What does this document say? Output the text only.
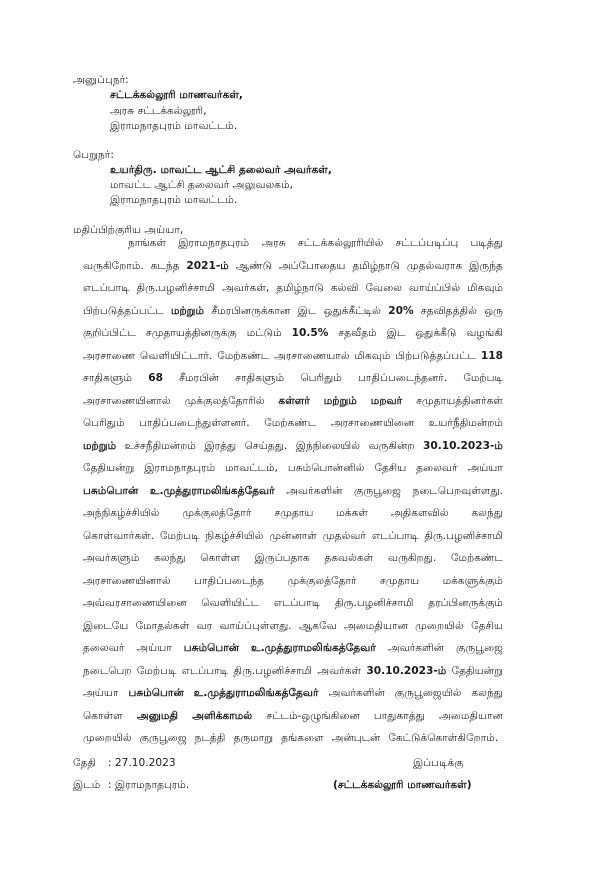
அனுப்புநர்:
சட்டக்கல்லூரி மாணவர்கள்,
அரசு சட்டக்கல்லூரி,
இராமநாதபுரம் மாவட்டம்.
பெறுநர்:
உயர்திரு. மாவட்ட ஆட்சி தலைவர் அவர்கள்,
மாவட்ட ஆட்சி தலைவர் அலுவலகம்,
இராமநாதபுரம் மாவட்டம்.
மதிப்பிற்குரிய அய்யா,
நாங்கள் இராமநாதபுரம் அரசு சட்டக்கல்லூரியில் சட்டப்படிப்பு படித்து
வருகிறோம். கடந்த 2021-ம் ஆண்டு அப்போதைய தமிழ்நாடு முதல்வராக இருந்த
எடப்பாடி திரு.பழனிச்சாமி அவர்கள், தமிழ்நாடு கல்வி வேலை வாய்ப்பில் மிகவும்
பிற்படுத்தப்பட்ட மற்றும் சீமரபினருக்கான இட ஒதுக்கீட்டில் 20% சதவிதத்தில் ஒரு
குறிப்பிட்ட சமுதாயத்தினருக்கு மட்டும் 10.5% சதவீதம் இட ஒதுக்கீடு வழங்கி
அரசாணை வெளியிட்டார். மேற்கண்ட அரசாணையால் மிகவும் பிற்படுத்தப்பட்ட 118
சாதிகளும் 68 சீமரபின் சாதிகளும் பெரிதும் பாதிப்படைந்தனர். மேற்படி
அரசாணையினால் முக்குலத்தோரில் கள்ளர் மற்றும் மறவர் சமுதாயத்தினர்கள்
பெரிதும் பாதிப்படைந்துள்ளனர். மேற்கண்ட அரசாணையினை உயர்நீதிமன்றம்
மற்றும் உச்சநீதிமன்றம் இரத்து செய்தது. இந்நிலையில் வருகின்ற 30.10.2023-ம்
தேதியன்று இராமநாதபுரம் மாவட்டம், பசும்பொன்னில் தேசிய தலைவர் அய்யா
பசும்பொன் உ.முத்துராமலிங்கத்தேவர் அவர்களின் குருபூஜை நடைபெறவுள்ளது.
அந்நிகழ்ச்சியில் முக்குலத்தோர் சமுதாய மக்கள் அதிகளவில் கலந்து
கொள்வார்கள். மேற்படி நிகழ்ச்சியில் முன்னாள் முதல்வர் எடப்பாடி திரு.பழனிச்சாமி
அவர்களும் கலந்து கொள்ள இருப்பதாக தகவல்கள் வருகிறது. மேற்கண்ட
அரசாணையினால் பாதிப்படைந்த முக்குலத்தோர் சமுதாய மக்களுக்கும்
அவ்வரசாணையினை வெளியிட்ட எடப்பாடி திரு.பழனிச்சாமி தரப்பினருக்கும்
இடையே மோதல்கள் வர வாய்ப்புள்ளது. ஆகவே அமைதியான முறையில் தேசிய
தலைவர் அய்யா பசும்பொன் உ.முத்துராமலிங்கத்தேவர் அவர்களின் குருபூஜை
நடைபெற மேற்படி எடப்பாடி திரு.பழனிச்சாமி அவர்கள் 30.10.2023-ம் தேதியன்று
அய்யா பசும்பொன் உ.முத்துராமலிங்கத்தேவர் அவர்களின் குருபூஜையில் கலந்து
கொள்ள அனுமதி அளிக்காமல் சட்டம்-ஒழுங்கினை பாதுகாத்து அமைதியான
முறையில் குருபூஜை நடத்தி தருமாறு தங்களை அன்புடன் கேட்டுக்கொள்கிறோம்.
தேதி : 27.10.2023
இடம் : இராமநாதபுரம்.
இப்படிக்கு
(சட்டக்கல்லூரி மாணவர்கள்)
